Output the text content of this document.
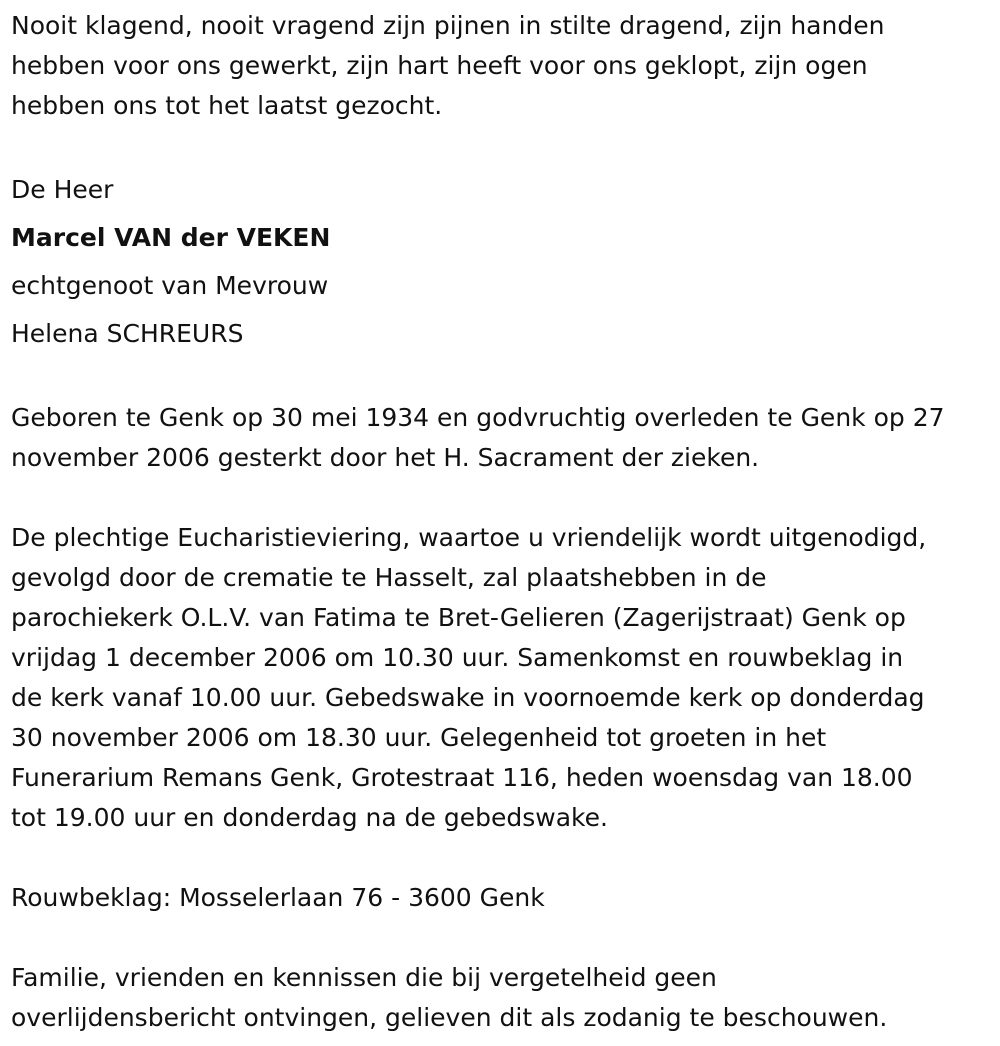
Nooit klagend, nooit vragend zijn pijnen in stilte dragend, zijn handen
hebben voor ons gewerkt, zijn hart heeft voor ons geklopt, zijn ogen
hebben ons tot het laatst gezocht.

De Heer
Marcel VAN der VEKEN
echtgenoot van Mevrouw
Helena SCHREURS

Geboren te Genk op 30 mei 1934 en godvruchtig overleden te Genk op 27
november 2006 gesterkt door het H. Sacrament der zieken.

De plechtige Eucharistieviering, waartoe u vriendelijk wordt uitgenodigd,
gevolgd door de crematie te Hasselt, zal plaatshebben in de
parochiekerk O.L.V. van Fatima te Bret-Gelieren (Zagerijstraat) Genk op
vrijdag 1 december 2006 om 10.30 uur. Samenkomst en rouwbeklag in
de kerk vanaf 10.00 uur. Gebedswake in voornoemde kerk op donderdag
30 november 2006 om 18.30 uur. Gelegenheid tot groeten in het
Funerarium Remans Genk, Grotestraat 116, heden woensdag van 18.00
tot 19.00 uur en donderdag na de gebedswake.

Rouwbeklag: Mosselerlaan 76 - 3600 Genk

Familie, vrienden en kennissen die bij vergetelheid geen
overlijdensbericht ontvingen, gelieven dit als zodanig te beschouwen.
